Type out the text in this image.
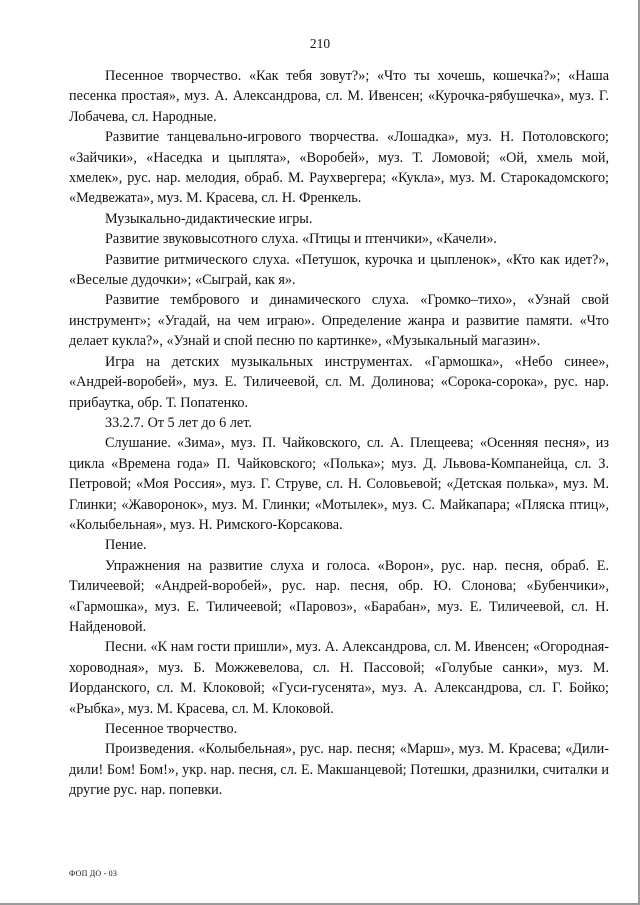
210

Песенное творчество. «Как тебя зовут?»; «Что ты хочешь, кошечка?»; «Наша песенка простая», муз. А. Александрова, сл. М. Ивенсен; «Курочка-рябушечка», муз. Г. Лобачева, сл. Народные.

Развитие танцевально-игрового творчества. «Лошадка», муз. Н. Потоловского; «Зайчики», «Наседка и цыплята», «Воробей», муз. Т. Ломовой; «Ой, хмель мой, хмелек», рус. нар. мелодия, обраб. М. Раухвергера; «Кукла», муз. М. Старокадомского; «Медвежата», муз. М. Красева, сл. Н. Френкель.

Музыкально-дидактические игры.

Развитие звуковысотного слуха. «Птицы и птенчики», «Качели».

Развитие ритмического слуха. «Петушок, курочка и цыпленок», «Кто как идет?», «Веселые дудочки»; «Сыграй, как я».

Развитие тембрового и динамического слуха. «Громко–тихо», «Узнай свой инструмент»; «Угадай, на чем играю». Определение жанра и развитие памяти. «Что делает кукла?», «Узнай и спой песню по картинке», «Музыкальный магазин».

Игра на детских музыкальных инструментах. «Гармошка», «Небо синее», «Андрей-воробей», муз. Е. Тиличеевой, сл. М. Долинова; «Сорока-сорока», рус. нар. прибаутка, обр. Т. Попатенко.

33.2.7. От 5 лет до 6 лет.

Слушание. «Зима», муз. П. Чайковского, сл. А. Плещеева; «Осенняя песня», из цикла «Времена года» П. Чайковского; «Полька»; муз. Д. Львова-Компанейца, сл. З. Петровой; «Моя Россия», муз. Г. Струве, сл. Н. Соловьевой; «Детская полька», муз. М. Глинки; «Жаворонок», муз. М. Глинки; «Мотылек», муз. С. Майкапара; «Пляска птиц», «Колыбельная», муз. Н. Римского-Корсакова.

Пение.

Упражнения на развитие слуха и голоса. «Ворон», рус. нар. песня, обраб. Е. Тиличеевой; «Андрей-воробей», рус. нар. песня, обр. Ю. Слонова; «Бубенчики», «Гармошка», муз. Е. Тиличеевой; «Паровоз», «Барабан», муз. Е. Тиличеевой, сл. Н. Найденовой.

Песни. «К нам гости пришли», муз. А. Александрова, сл. М. Ивенсен; «Огородная-хороводная», муз. Б. Можжевелова, сл. Н. Пассовой; «Голубые санки», муз. М. Иорданского, сл. М. Клоковой; «Гуси-гусенята», муз. А. Александрова, сл. Г. Бойко; «Рыбка», муз. М. Красева, сл. М. Клоковой.

Песенное творчество.

Произведения. «Колыбельная», рус. нар. песня; «Марш», муз. М. Красева; «Дили-дили! Бом! Бом!», укр. нар. песня, сл. Е. Макшанцевой; Потешки, дразнилки, считалки и другие рус. нар. попевки.

ФОП ДО - 03
